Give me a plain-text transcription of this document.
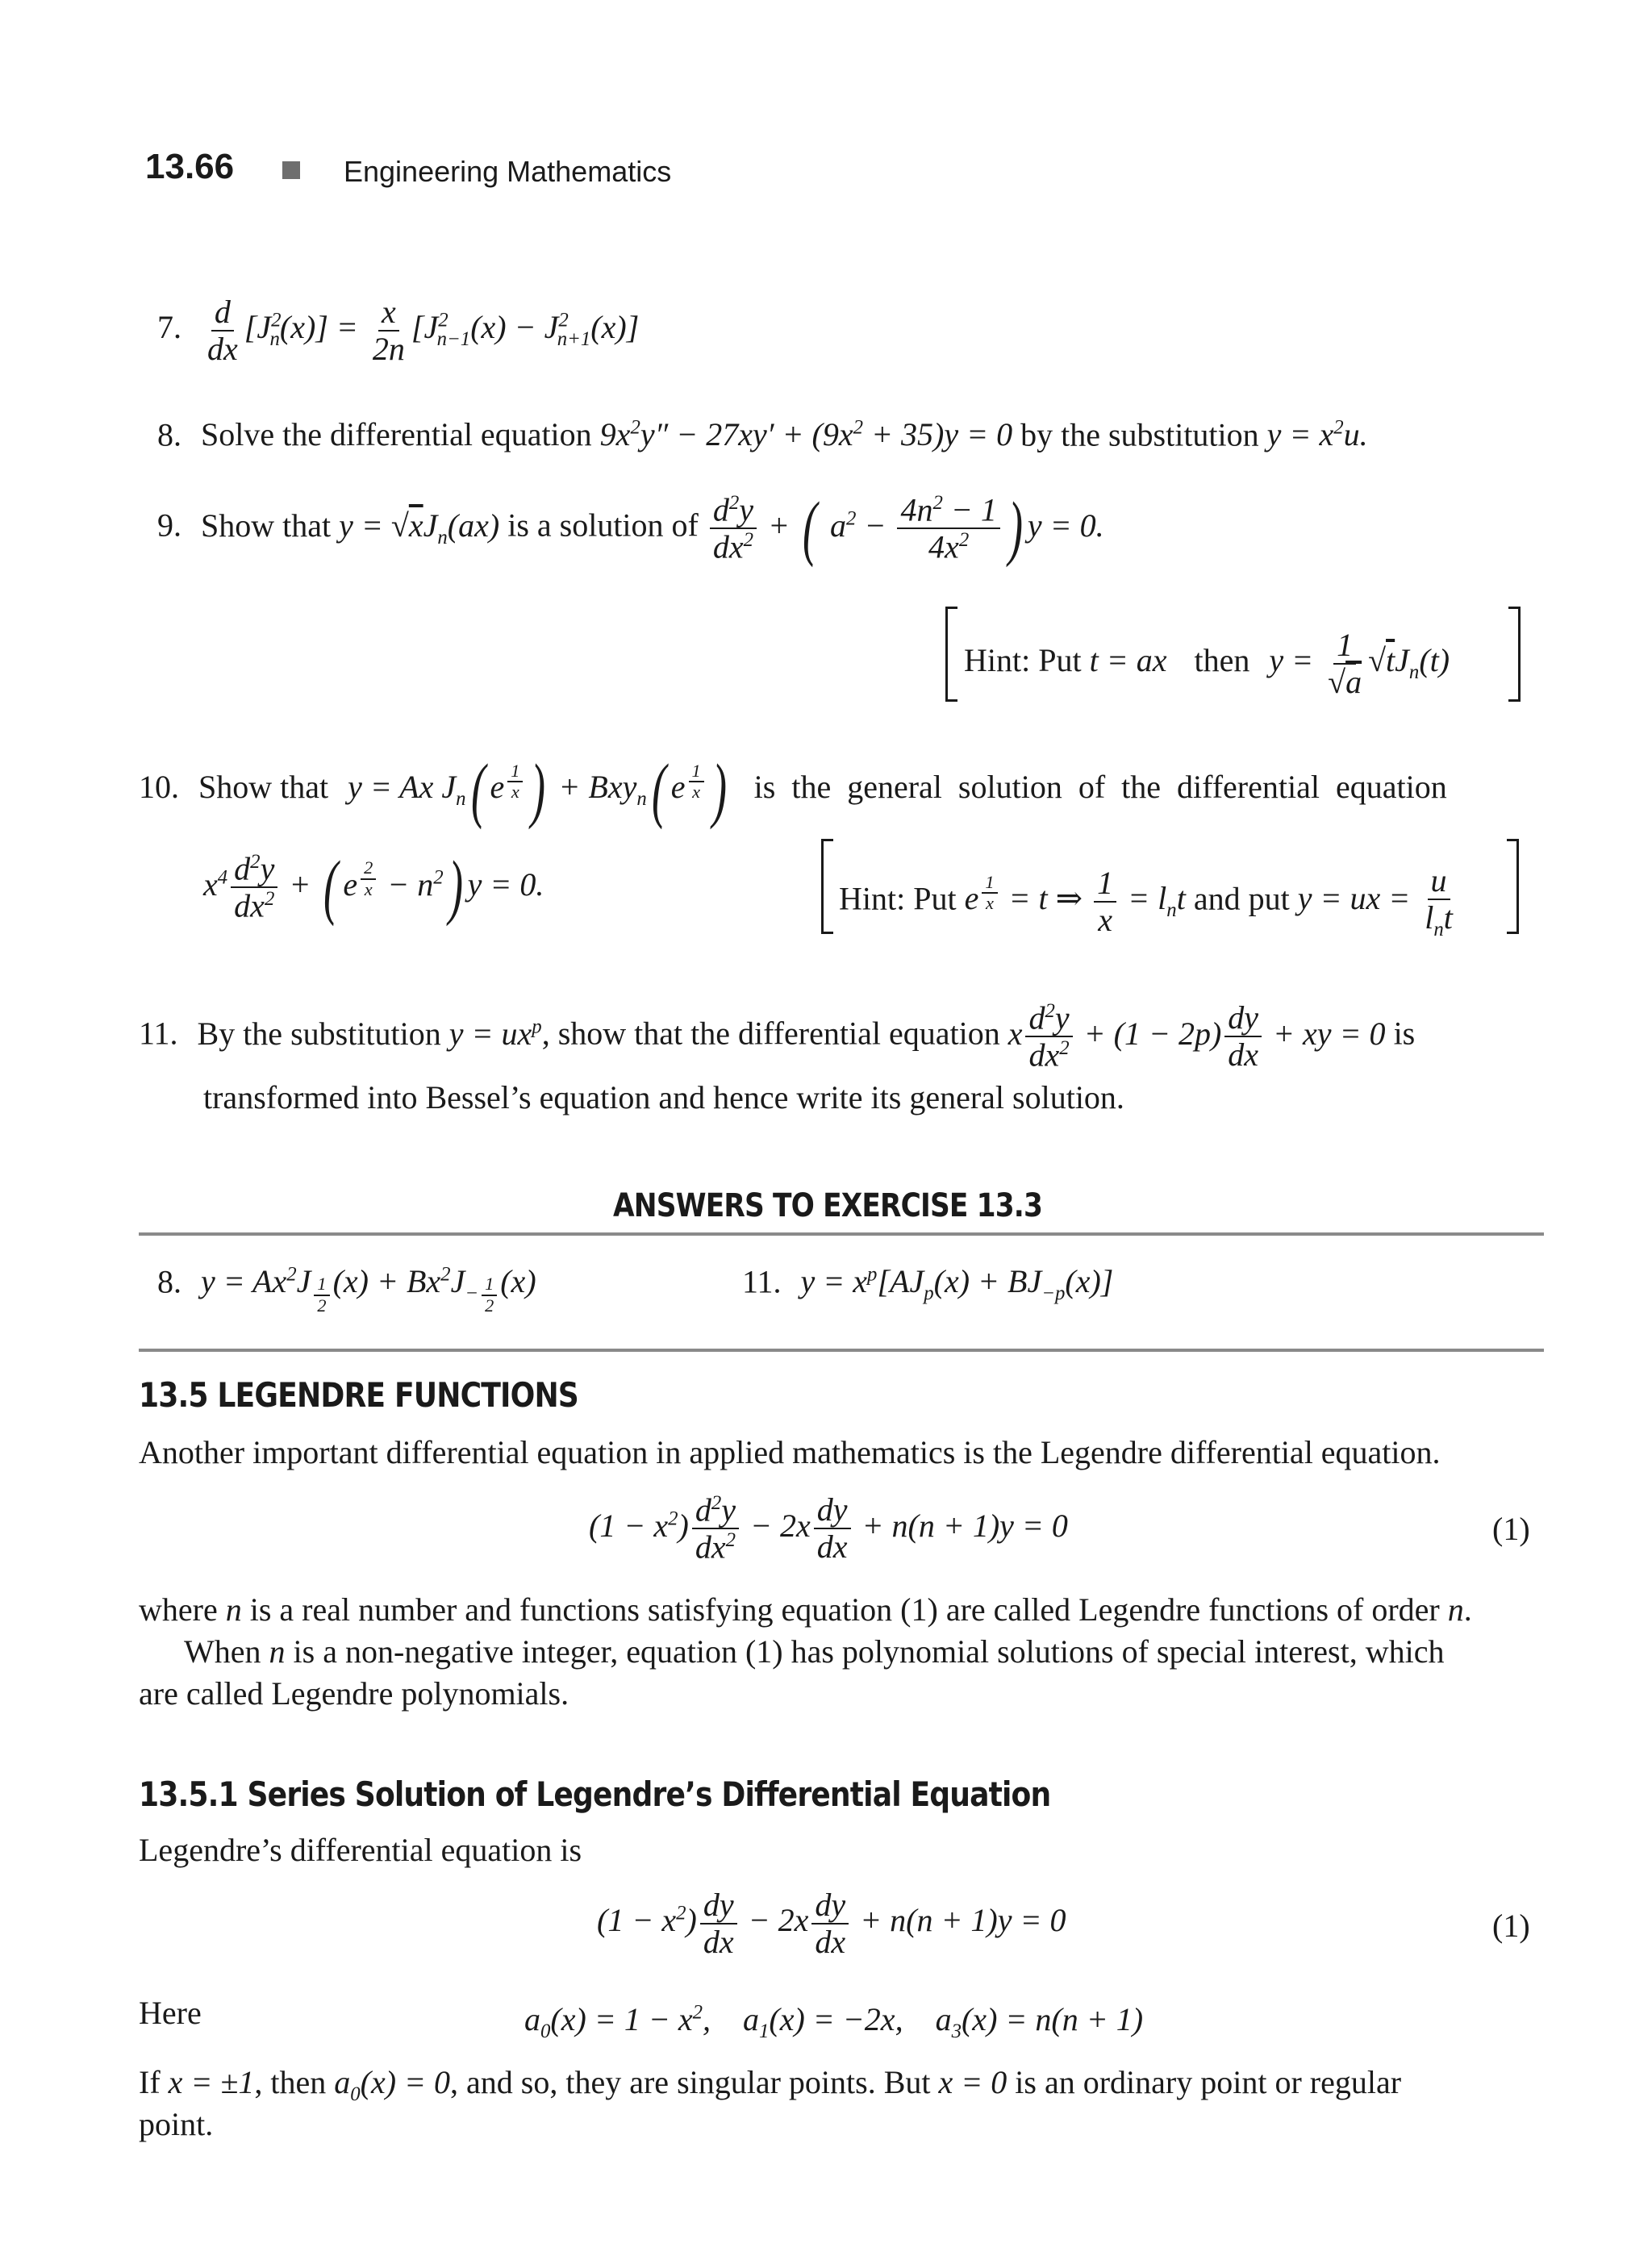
13.66	Engineering Mathematics
7. $\frac{d}{dx} [J^2_n(x)] = \frac{x}{2n} [J^2_{n-1}(x) - J^2_{n+1}(x)]$
8. Solve the differential equation $9x^2y'' - 27xy' + (9x^2 + 35)y = 0$ by the substitution $y = x^2u$.
9. Show that $y = √xJ_n(ax)$ is a solution of $\frac{d^2y}{dx^2}$ + ( $a^2 - \frac{4n^2 - 1}{4x^2}$ ) y = 0.
Hint: Put t = ax then $y = \frac{1}{√a} √tJ_n(t)$
10. Show that y = Ax $J_n$( e $^{\frac{1}{x}}$ ) + Bxy$_n$( e $^{\frac{1}{x}}$ ) is the general solution of the differential equation
$x^4 \frac{d^2y}{dx^2}$ + ( e $^{\frac{2}{x}} - n^2$) y = 0.	Hint: Put e $^{\frac{1}{x}}$ = t ⇒ $\frac{1}{x} = l_nt$ and put y = ux = $\frac{u}{l_nt}$
11. By the substitution $y = ux^p$, show that the differential equation x $\frac{d^2y}{dx^2} + (1 - 2p) \frac{dy}{dx}$ + xy = 0 is
transformed into Bessel’s equation and hence write its general solution.
ANSWERS TO EXERCISE 13.3
8. $y = Ax^2J$ $_{\frac{1}{2}}$ $(x) + Bx^2J_{- \frac{1}{2}}$ (x)	11. $y = x^p[AJ_p(x) + BJ_{-p}(x)]$
13.5 LEGENDRE FUNCTIONS
Another important differential equation in applied mathematics is the Legendre differential equation.
$(1 - x^2) \frac{d^2y}{dx^2} - 2x \frac{dy}{dx} + n(n + 1)y = 0$	(1)
where n is a real number and functions satisfying equation (1) are called Legendre functions of order n.
When n is a non-negative integer, equation (1) has polynomial solutions of special interest, which
are called Legendre polynomials.
13.5.1 Series Solution of Legendre’s Differential Equation
Legendre’s differential equation is
$(1 - x^2) \frac{dy}{dx} - 2x \frac{dy}{dx} + n(n + 1)y = 0$	(1)
Here	$a_0(x) = 1 - x^2$,    $a_1(x) = -2x$,    $a_3(x) = n(n + 1)$
If x = ±1, then $a_0(x) = 0$, and so, they are singular points. But x = 0 is an ordinary point or regular
point.
